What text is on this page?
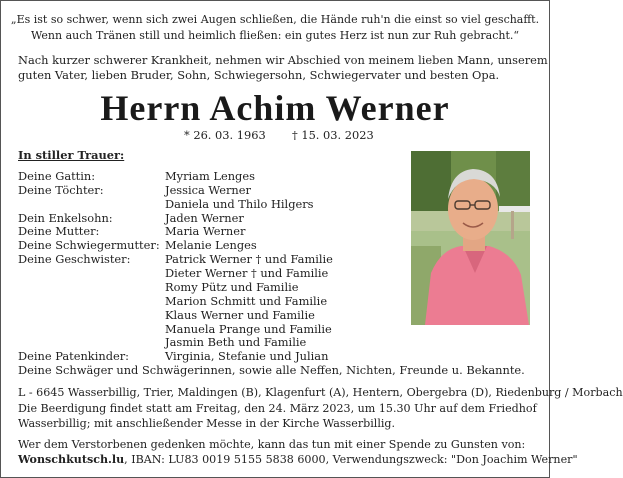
„Es ist so schwer, wenn sich zwei Augen schließen, die Hände ruh'n die einst so viel geschafft.
Wenn auch Tränen still und heimlich fließen: ein gutes Herz ist nun zur Ruh gebracht.“
Nach kurzer schwerer Krankheit, nehmen wir Abschied von meinem lieben Mann, unserem
guten Vater, lieben Bruder, Sohn, Schwiegersohn, Schwiegervater und besten Opa.
Herrn Achim Werner
* 26. 03. 1963 † 15. 03. 2023
In stiller Trauer:
Deine Gattin:	Myriam Lenges
Deine Töchter:	Jessica Werner
Daniela und Thilo Hilgers
Dein Enkelsohn:	Jaden Werner
Deine Mutter:	Maria Werner
Deine Schwiegermutter: Melanie Lenges
Deine Geschwister:	Patrick Werner † und Familie
Dieter Werner † und Familie
Romy Pütz und Familie
Marion Schmitt und Familie
Klaus Werner und Familie
Manuela Prange und Familie
Jasmin Beth und Familie
Deine Patenkinder:	Virginia, Stefanie und Julian
Deine Schwäger und Schwägerinnen, sowie alle Neffen, Nichten, Freunde u. Bekannte.
L - 6645 Wasserbillig, Trier, Maldingen (B), Klagenfurt (A), Hentern, Obergebra (D), Riedenburg / Morbach
Die Beerdigung findet statt am Freitag, den 24. März 2023, um 15.30 Uhr auf dem Friedhof
Wasserbillig; mit anschließender Messe in der Kirche Wasserbillig.
Wer dem Verstorbenen gedenken möchte, kann das tun mit einer Spende zu Gunsten von:
Wonschkutsch.lu, IBAN: LU83 0019 5155 5838 6000, Verwendungszweck: "Don Joachim Werner"
